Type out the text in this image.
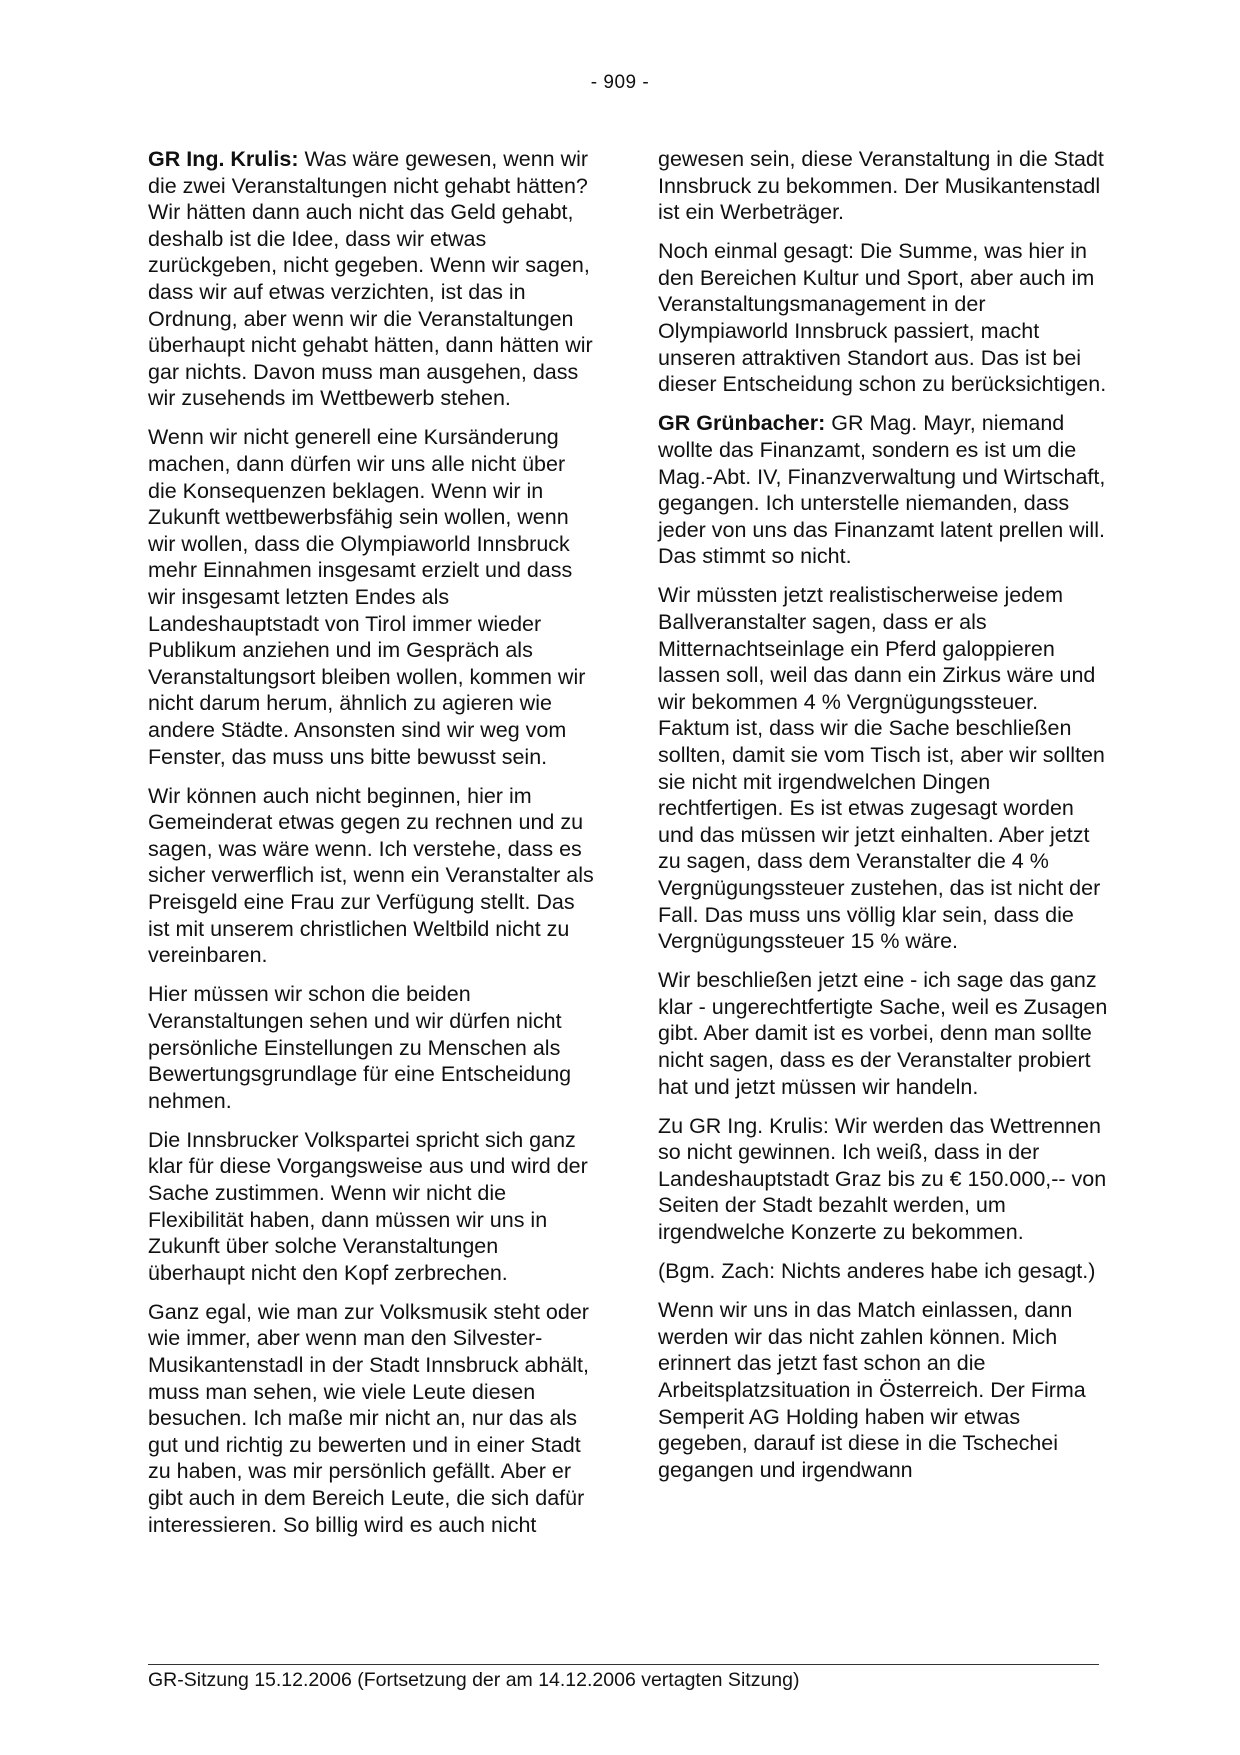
- 909 -

GR Ing. Krulis: Was wäre gewesen, wenn wir die zwei Veranstaltungen nicht gehabt hätten? Wir hätten dann auch nicht das Geld gehabt, deshalb ist die Idee, dass wir etwas zurückgeben, nicht gegeben. Wenn wir sagen, dass wir auf etwas verzichten, ist das in Ordnung, aber wenn wir die Veranstaltungen überhaupt nicht gehabt hätten, dann hätten wir gar nichts. Davon muss man ausgehen, dass wir zusehends im Wettbewerb stehen.

Wenn wir nicht generell eine Kursänderung machen, dann dürfen wir uns alle nicht über die Konsequenzen beklagen. Wenn wir in Zukunft wettbewerbsfähig sein wollen, wenn wir wollen, dass die Olympiaworld Innsbruck mehr Einnahmen insgesamt erzielt und dass wir insgesamt letzten Endes als Landeshauptstadt von Tirol immer wieder Publikum anziehen und im Gespräch als Veranstaltungsort bleiben wollen, kommen wir nicht darum herum, ähnlich zu agieren wie andere Städte. Ansonsten sind wir weg vom Fenster, das muss uns bitte bewusst sein.

Wir können auch nicht beginnen, hier im Gemeinderat etwas gegen zu rechnen und zu sagen, was wäre wenn. Ich verstehe, dass es sicher verwerflich ist, wenn ein Veranstalter als Preisgeld eine Frau zur Verfügung stellt. Das ist mit unserem christlichen Weltbild nicht zu vereinbaren.

Hier müssen wir schon die beiden Veranstaltungen sehen und wir dürfen nicht persönliche Einstellungen zu Menschen als Bewertungsgrundlage für eine Entscheidung nehmen.

Die Innsbrucker Volkspartei spricht sich ganz klar für diese Vorgangsweise aus und wird der Sache zustimmen. Wenn wir nicht die Flexibilität haben, dann müssen wir uns in Zukunft über solche Veranstaltungen überhaupt nicht den Kopf zerbrechen.

Ganz egal, wie man zur Volksmusik steht oder wie immer, aber wenn man den Silvester-Musikantenstadl in der Stadt Innsbruck abhält, muss man sehen, wie viele Leute diesen besuchen. Ich maße mir nicht an, nur das als gut und richtig zu bewerten und in einer Stadt zu haben, was mir persönlich gefällt. Aber er gibt auch in dem Bereich Leute, die sich dafür interessieren. So billig wird es auch nicht

gewesen sein, diese Veranstaltung in die Stadt Innsbruck zu bekommen. Der Musikantenstadl ist ein Werbeträger.

Noch einmal gesagt: Die Summe, was hier in den Bereichen Kultur und Sport, aber auch im Veranstaltungsmanagement in der Olympiaworld Innsbruck passiert, macht unseren attraktiven Standort aus. Das ist bei dieser Entscheidung schon zu berücksichtigen.

GR Grünbacher: GR Mag. Mayr, niemand wollte das Finanzamt, sondern es ist um die Mag.-Abt. IV, Finanzverwaltung und Wirtschaft, gegangen. Ich unterstelle niemanden, dass jeder von uns das Finanzamt latent prellen will. Das stimmt so nicht.

Wir müssten jetzt realistischerweise jedem Ballveranstalter sagen, dass er als Mitternachtseinlage ein Pferd galoppieren lassen soll, weil das dann ein Zirkus wäre und wir bekommen 4 % Vergnügungssteuer. Faktum ist, dass wir die Sache beschließen sollten, damit sie vom Tisch ist, aber wir sollten sie nicht mit irgendwelchen Dingen rechtfertigen. Es ist etwas zugesagt worden und das müssen wir jetzt einhalten. Aber jetzt zu sagen, dass dem Veranstalter die 4 % Vergnügungssteuer zustehen, das ist nicht der Fall. Das muss uns völlig klar sein, dass die Vergnügungssteuer 15 % wäre.

Wir beschließen jetzt eine - ich sage das ganz klar - ungerechtfertigte Sache, weil es Zusagen gibt. Aber damit ist es vorbei, denn man sollte nicht sagen, dass es der Veranstalter probiert hat und jetzt müssen wir handeln.

Zu GR Ing. Krulis: Wir werden das Wettrennen so nicht gewinnen. Ich weiß, dass in der Landeshauptstadt Graz bis zu € 150.000,-- von Seiten der Stadt bezahlt werden, um irgendwelche Konzerte zu bekommen.

(Bgm. Zach: Nichts anderes habe ich gesagt.)

Wenn wir uns in das Match einlassen, dann werden wir das nicht zahlen können. Mich erinnert das jetzt fast schon an die Arbeitsplatzsituation in Österreich. Der Firma Semperit AG Holding haben wir etwas gegeben, darauf ist diese in die Tschechei gegangen und irgendwann

GR-Sitzung 15.12.2006 (Fortsetzung der am 14.12.2006 vertagten Sitzung)
